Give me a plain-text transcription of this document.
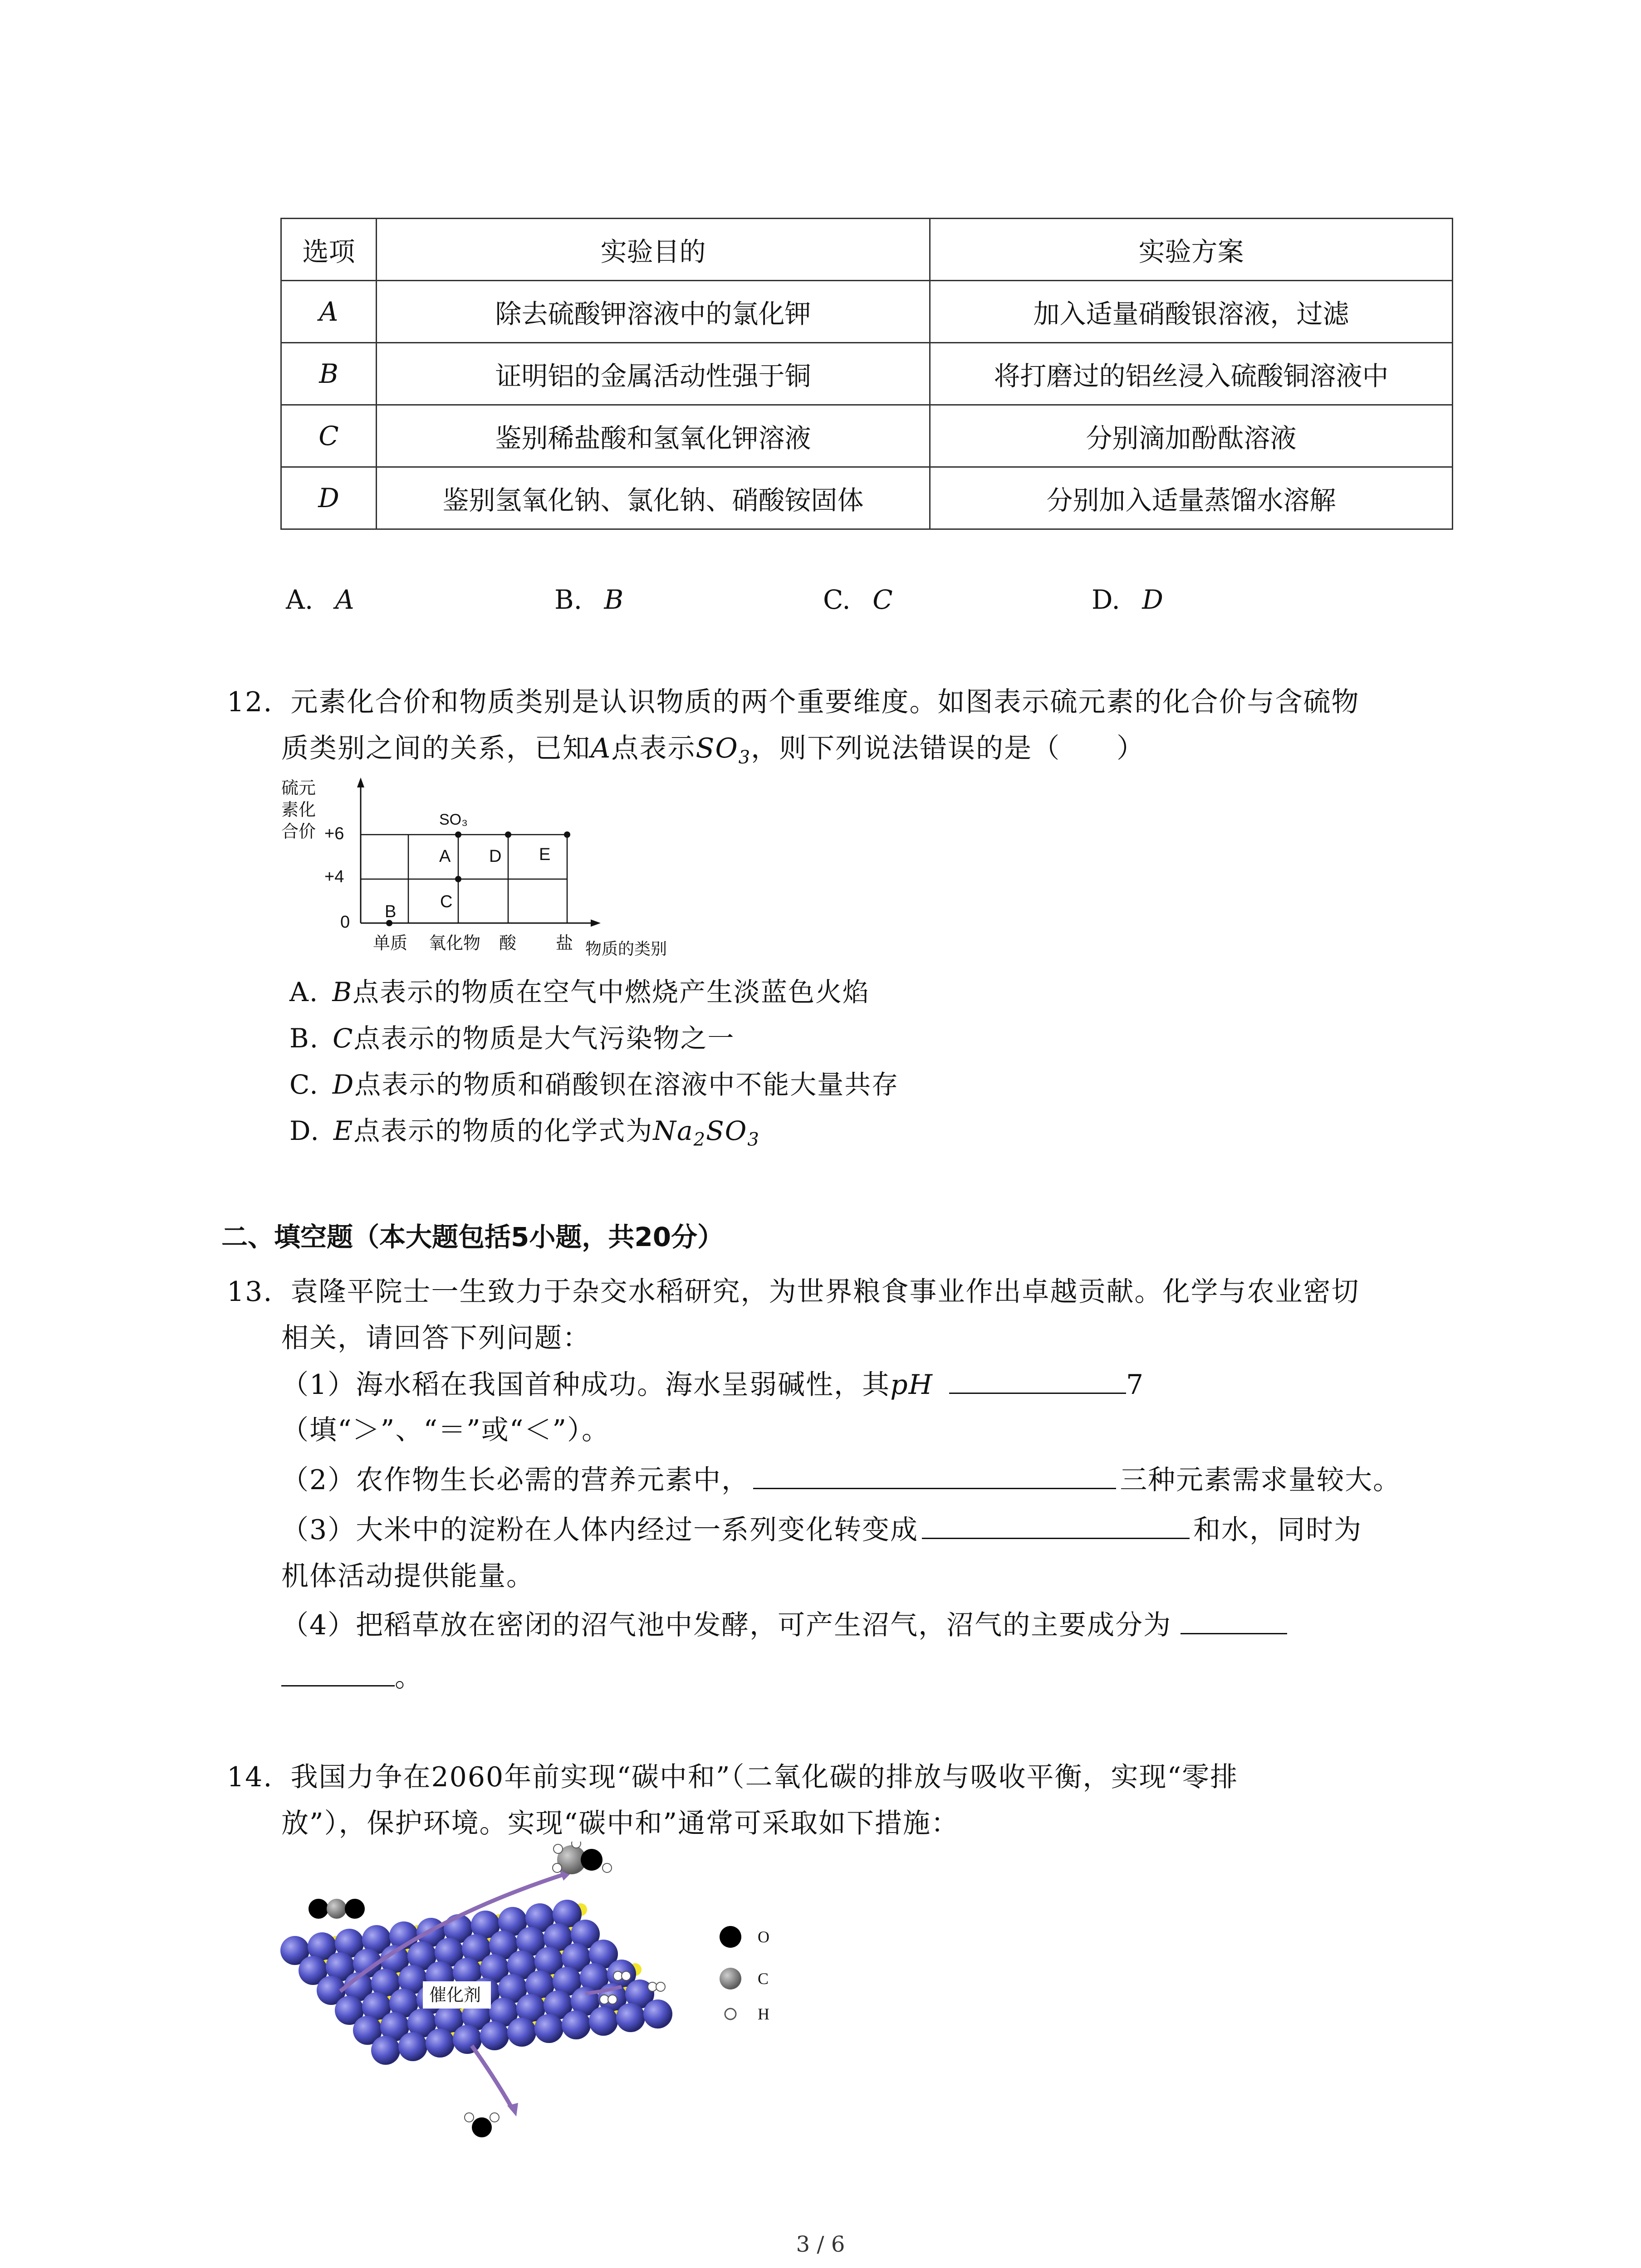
选项	实验目的	实验方案
A	除去硫酸钾溶液中的氯化钾	加入适量硝酸银溶液，过滤
B	证明铝的金属活动性强于铜	将打磨过的铝丝浸入硫酸铜溶液中
C	鉴别稀盐酸和氢氧化钾溶液	分别滴加酚酞溶液
D	鉴别氢氧化钠、氯化钠、硝酸铵固体	分别加入适量蒸馏水溶解
A. A	B. B	C. C	D. D
12. 元素化合价和物质类别是认识物质的两个重要维度。如图表示硫元素的化合价与含硫物
质类别之间的关系，已知A点表示$SO_3$，则下列说法错误的是（　　）
硫元
素化
合价 +6
+4
0
A
B
C
D E
SO₃
单质 氧化物 酸 盐 物质的类别
A. B点表示的物质在空气中燃烧产生淡蓝色火焰
B. C点表示的物质是大气污染物之一
C. D点表示的物质和硝酸钡在溶液中不能大量共存
D. E点表示的物质的化学式为$Na_2SO_3$
二、填空题（本大题包括5小题，共20分）
13. 袁隆平院士一生致力于杂交水稻研究，为世界粮食事业作出卓越贡献。化学与农业密切
相关，请回答下列问题：
（1）海水稻在我国首种成功。海水呈弱碱性，其pH	7
（填“＞”、“＝”或“＜”）。
（2）农作物生长必需的营养元素中，	三种元素需求量较大。
（3）大米中的淀粉在人体内经过一系列变化转变成	和水，同时为
机体活动提供能量。
（4）把稻草放在密闭的沼气池中发酵，可产生沼气，沼气的主要成分为
。
14. 我国力争在2060年前实现“碳中和”（二氧化碳的排放与吸收平衡，实现“零排
放”），保护环境。实现“碳中和”通常可采取如下措施：
催化剂
O
C
H
3 / 6
